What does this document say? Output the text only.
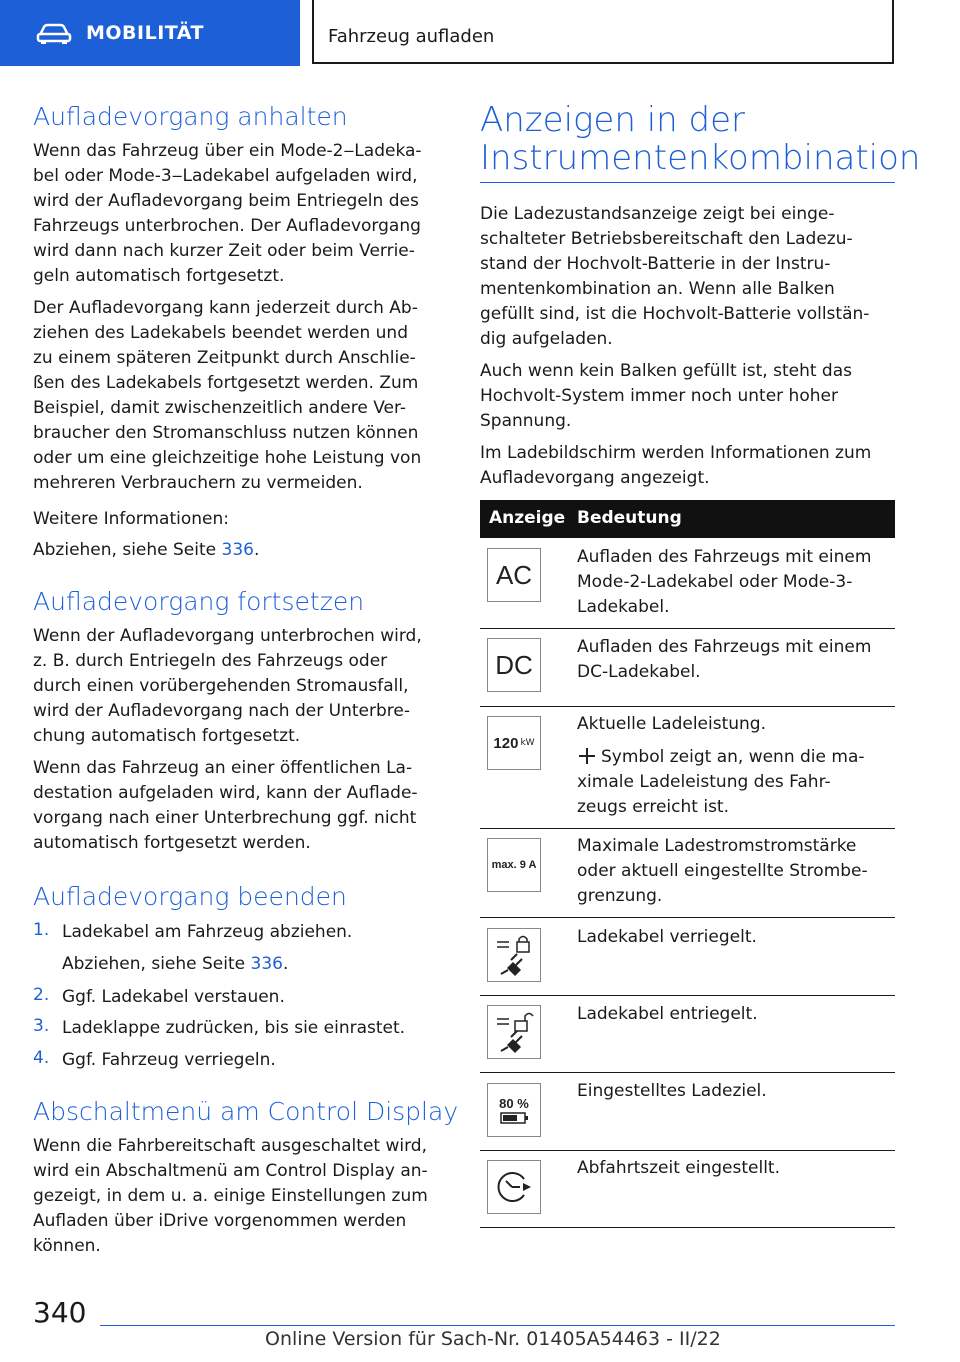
MOBILITÄT	Fahrzeug aufladen
Aufladevorgang anhalten
Wenn das Fahrzeug über ein Mode-2‒Ladeka-
bel oder Mode-3‒Ladekabel aufgeladen wird,
wird der Aufladevorgang beim Entriegeln des
Fahrzeugs unterbrochen. Der Aufladevorgang
wird dann nach kurzer Zeit oder beim Verrie-
geln automatisch fortgesetzt.
Der Aufladevorgang kann jederzeit durch Ab-
ziehen des Ladekabels beendet werden und
zu einem späteren Zeitpunkt durch Anschlie-
ßen des Ladekabels fortgesetzt werden. Zum
Beispiel, damit zwischenzeitlich andere Ver-
braucher den Stromanschluss nutzen können
oder um eine gleichzeitige hohe Leistung von
mehreren Verbrauchern zu vermeiden.
Weitere Informationen:
Abziehen, siehe Seite 336.
Aufladevorgang fortsetzen
Wenn der Aufladevorgang unterbrochen wird,
z. B. durch Entriegeln des Fahrzeugs oder
durch einen vorübergehenden Stromausfall,
wird der Aufladevorgang nach der Unterbre-
chung automatisch fortgesetzt.
Wenn das Fahrzeug an einer öffentlichen La-
destation aufgeladen wird, kann der Auflade-
vorgang nach einer Unterbrechung ggf. nicht
automatisch fortgesetzt werden.
Aufladevorgang beenden
1. Ladekabel am Fahrzeug abziehen.
Abziehen, siehe Seite 336.
2. Ggf. Ladekabel verstauen.
3. Ladeklappe zudrücken, bis sie einrastet.
4. Ggf. Fahrzeug verriegeln.
Abschaltmenü am Control Display
Wenn die Fahrbereitschaft ausgeschaltet wird,
wird ein Abschaltmenü am Control Display an-
gezeigt, in dem u. a. einige Einstellungen zum
Aufladen über iDrive vorgenommen werden
können.
Anzeigen in der
Instrumentenkombination
Die Ladezustandsanzeige zeigt bei einge-
schalteter Betriebsbereitschaft den Ladezu-
stand der Hochvolt-Batterie in der Instru-
mentenkombination an. Wenn alle Balken
gefüllt sind, ist die Hochvolt-Batterie vollstän-
dig aufgeladen.
Auch wenn kein Balken gefüllt ist, steht das
Hochvolt-System immer noch unter hoher
Spannung.
Im Ladebildschirm werden Informationen zum
Aufladevorgang angezeigt.
Anzeige Bedeutung
AC
Aufladen des Fahrzeugs mit einem
Mode-2-Ladekabel oder Mode-3-
Ladekabel.
DC
Aufladen des Fahrzeugs mit einem
DC-Ladekabel.
120 kW
Aktuelle Ladeleistung.
Symbol zeigt an, wenn die ma-
ximale Ladeleistung des Fahr-
zeugs erreicht ist.
max. 9 A
Maximale Ladestromstromstärke
oder aktuell eingestellte Strombe-
grenzung.
Ladekabel verriegelt.
Ladekabel entriegelt.
80 %
Eingestelltes Ladeziel.
Abfahrtszeit eingestellt.
340
Online Version für Sach-Nr. 01405A54463 - II/22
